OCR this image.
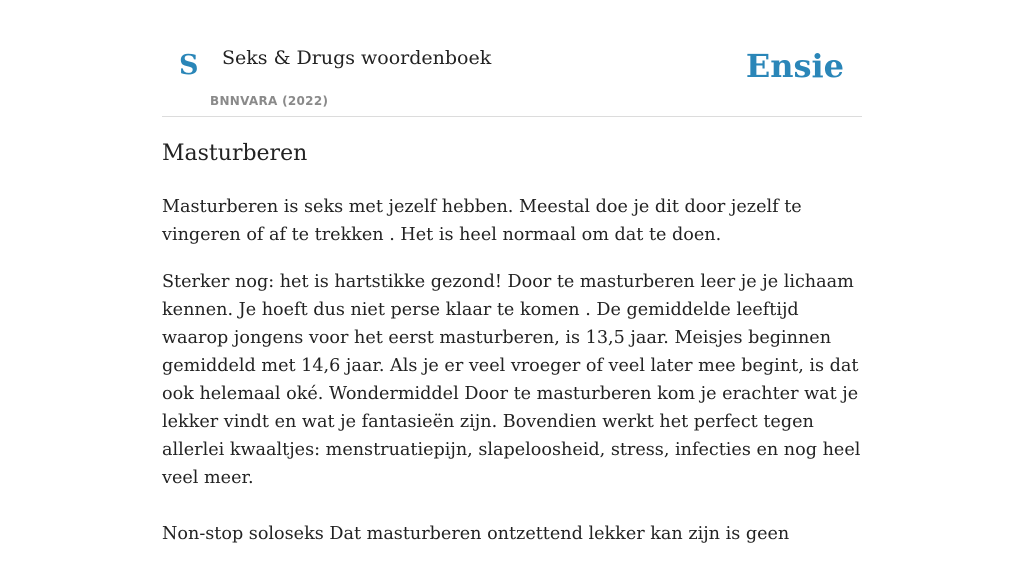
S Seks & Drugs woordenboek
BNNVARA (2022)
Ensie
Masturberen

Masturberen is seks met jezelf hebben. Meestal doe je dit door jezelf te vingeren of af te trekken . Het is heel normaal om dat te doen.

Sterker nog: het is hartstikke gezond! Door te masturberen leer je je lichaam kennen. Je hoeft dus niet perse klaar te komen . De gemiddelde leeftijd waarop jongens voor het eerst masturberen, is 13,5 jaar. Meisjes beginnen gemiddeld met 14,6 jaar. Als je er veel vroeger of veel later mee begint, is dat ook helemaal oké. Wondermiddel Door te masturberen kom je erachter wat je lekker vindt en wat je fantasieën zijn. Bovendien werkt het perfect tegen allerlei kwaaltjes: menstruatiepijn, slapeloosheid, stress, infecties en nog heel veel meer.

Non-stop soloseks Dat masturberen ontzettend lekker kan zijn is geen
